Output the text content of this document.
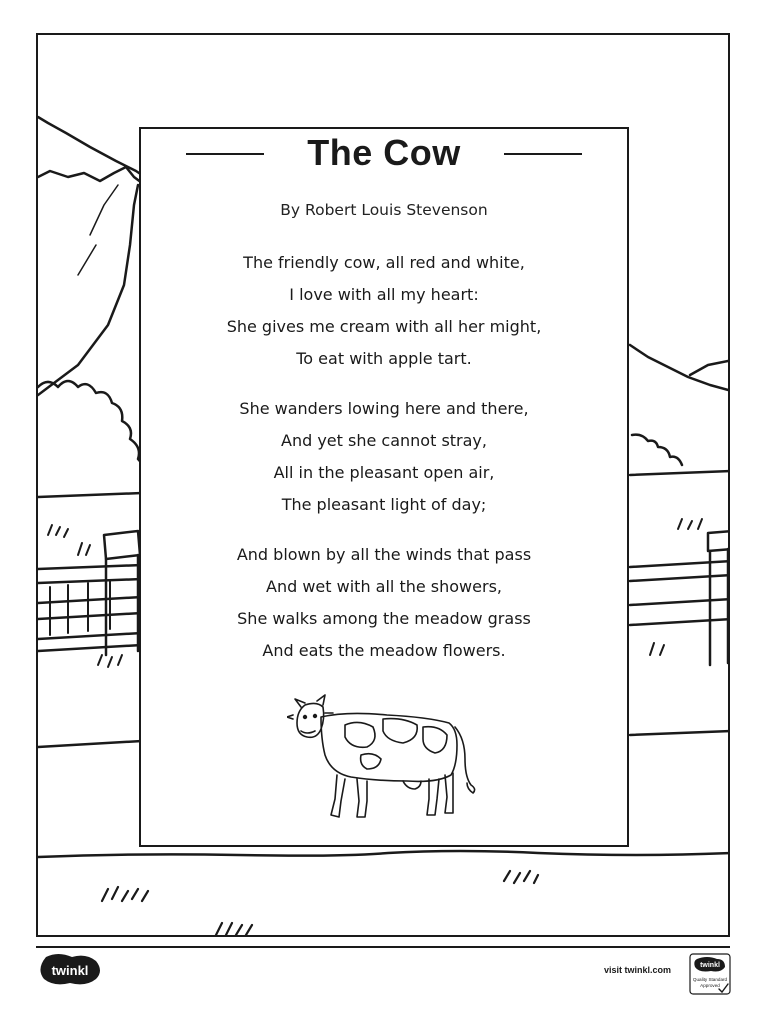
The Cow
By Robert Louis Stevenson
The friendly cow, all red and white,
I love with all my heart:
She gives me cream with all her might,
To eat with apple tart.
She wanders lowing here and there,
And yet she cannot stray,
All in the pleasant open air,
The pleasant light of day;
And blown by all the winds that pass
And wet with all the showers,
She walks among the meadow grass
And eats the meadow flowers.
twinkl	visit twinkl.com	twinkl
Quality Standard
Approved
